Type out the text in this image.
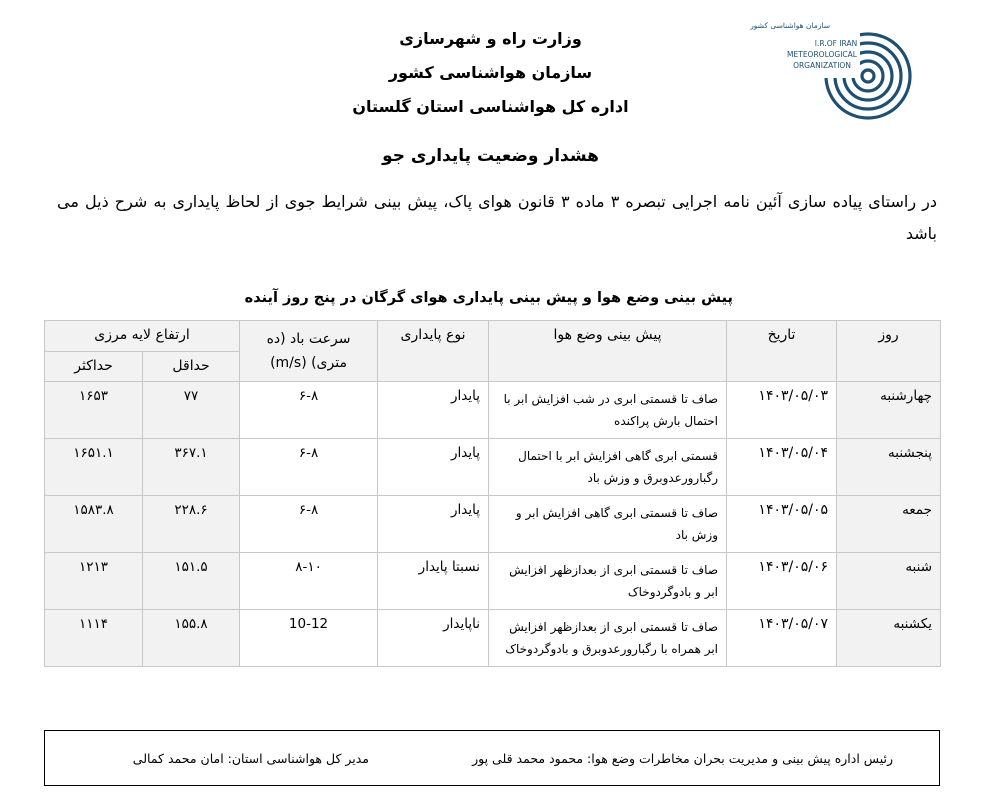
وزارت راه و شهرسازی
سازمان هواشناسی کشور
اداره کل هواشناسی استان گلستان
سازمان هواشناسی کشور
I.R.OF IRAN
METEOROLOGICAL
ORGANIZATION
هشدار وضعیت پایداری جو
در راستای پیاده سازی آئین نامه اجرایی تبصره ۳ ماده ۳ قانون هوای پاک، پیش بینی شرایط جوی از لحاظ پایداری به شرح ذیل می باشد
پیش بینی وضع هوا و پیش بینی پایداری هوای گرگان در پنج روز آینده
روز	تاریخ	پیش بینی وضع هوا	نوع پایداری	سرعت باد (ده متری) (m/s)	ارتفاع لایه مرزی	
					حداقل	حداکثر
چهارشنبه	۱۴۰۳/۰۵/۰۳	صاف تا قسمتی ابری در شب افزایش ابر با احتمال بارش پراکنده	پایدار	۶-۸	۷۷	۱۶۵۳
پنجشنبه	۱۴۰۳/۰۵/۰۴	قسمتی ابری گاهی افزایش ابر با احتمال رگبارورعدوبرق و وزش باد	پایدار	۶-۸	۳۶۷.۱	۱۶۵۱.۱
جمعه	۱۴۰۳/۰۵/۰۵	صاف تا قسمتی ابری گاهی افزایش ابر و وزش باد	پایدار	۶-۸	۲۲۸.۶	۱۵۸۳.۸
شنبه	۱۴۰۳/۰۵/۰۶	صاف تا قسمتی ابری از بعدازظهر افزایش ابر و بادوگردوخاک	نسبتا پایدار	۸-۱۰	۱۵۱.۵	۱۲۱۳
یکشنبه	۱۴۰۳/۰۵/۰۷	صاف تا قسمتی ابری از بعدازظهر افزایش ابر همراه با رگبارورعدوبرق و بادوگردوخاک	ناپایدار	10-12	۱۵۵.۸	۱۱۱۴
رئیس اداره پیش بینی و مدیریت بحران مخاطرات وضع هوا: محمود محمد قلی پور
مدیر کل هواشناسی استان: امان محمد کمالی
